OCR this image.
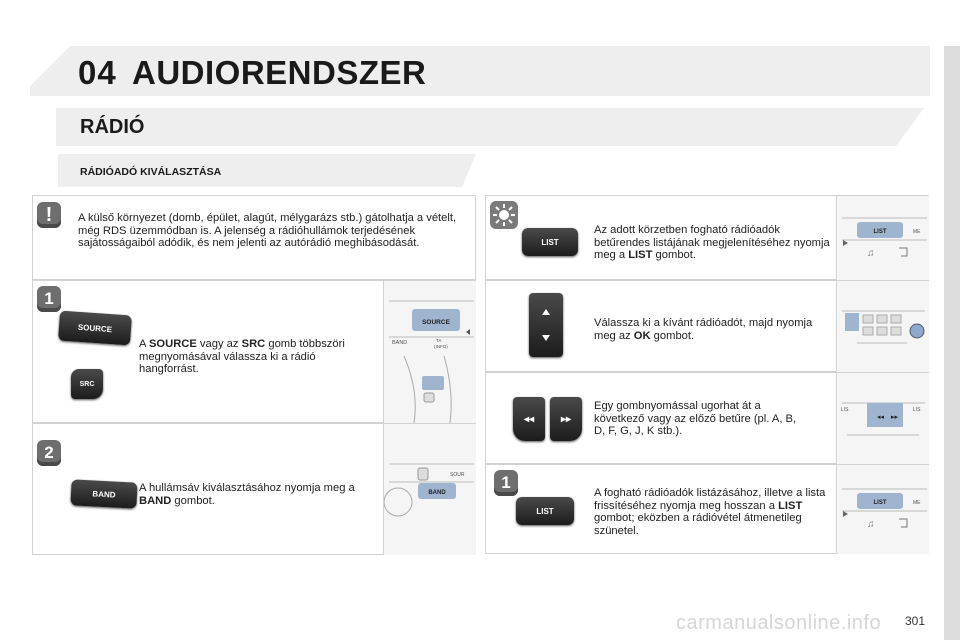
04 AUDIORENDSZER
RÁDIÓ
RÁDIÓADÓ KIVÁLASZTÁSA
!	A külső környezet (domb, épület, alagút, mélygarázs stb.) gátolhatja a vételt, még RDS üzemmódban is. A jelenség a rádióhullámok terjedésének sajátosságaiból adódik, és nem jelenti az autórádió meghibásodását.
1
SOURCE
SRC
A SOURCE vagy az SRC gomb többszöri megnyomásával válassza ki a rádió hangforrást.
SOURCE
BAND	TA
(INFO)
2
BAND A hullámsáv kiválasztásához nyomja meg a BAND gombot.
BAND
SOUR
LIST
Az adott körzetben fogható rádióadók betűrendes listájának megjelenítéséhez nyomja meg a LIST gombot.
LIST	ME
♫
Válassza ki a kívánt rádióadót, majd nyomja meg az OK gombot.
◂◂	▸▸
Egy gombnyomással ugorhat át a következő vagy az előző betűre (pl. A, B, D, F, G, J, K stb.).
◂◂ ▸▸
LIS	LIS
1
LIST
A fogható rádióadók listázásához, illetve a lista frissítéséhez nyomja meg hosszan a LIST gombot; eközben a rádióvétel átmenetileg szünetel.
LIST	ME
♫
301
carmanualsonline.info
